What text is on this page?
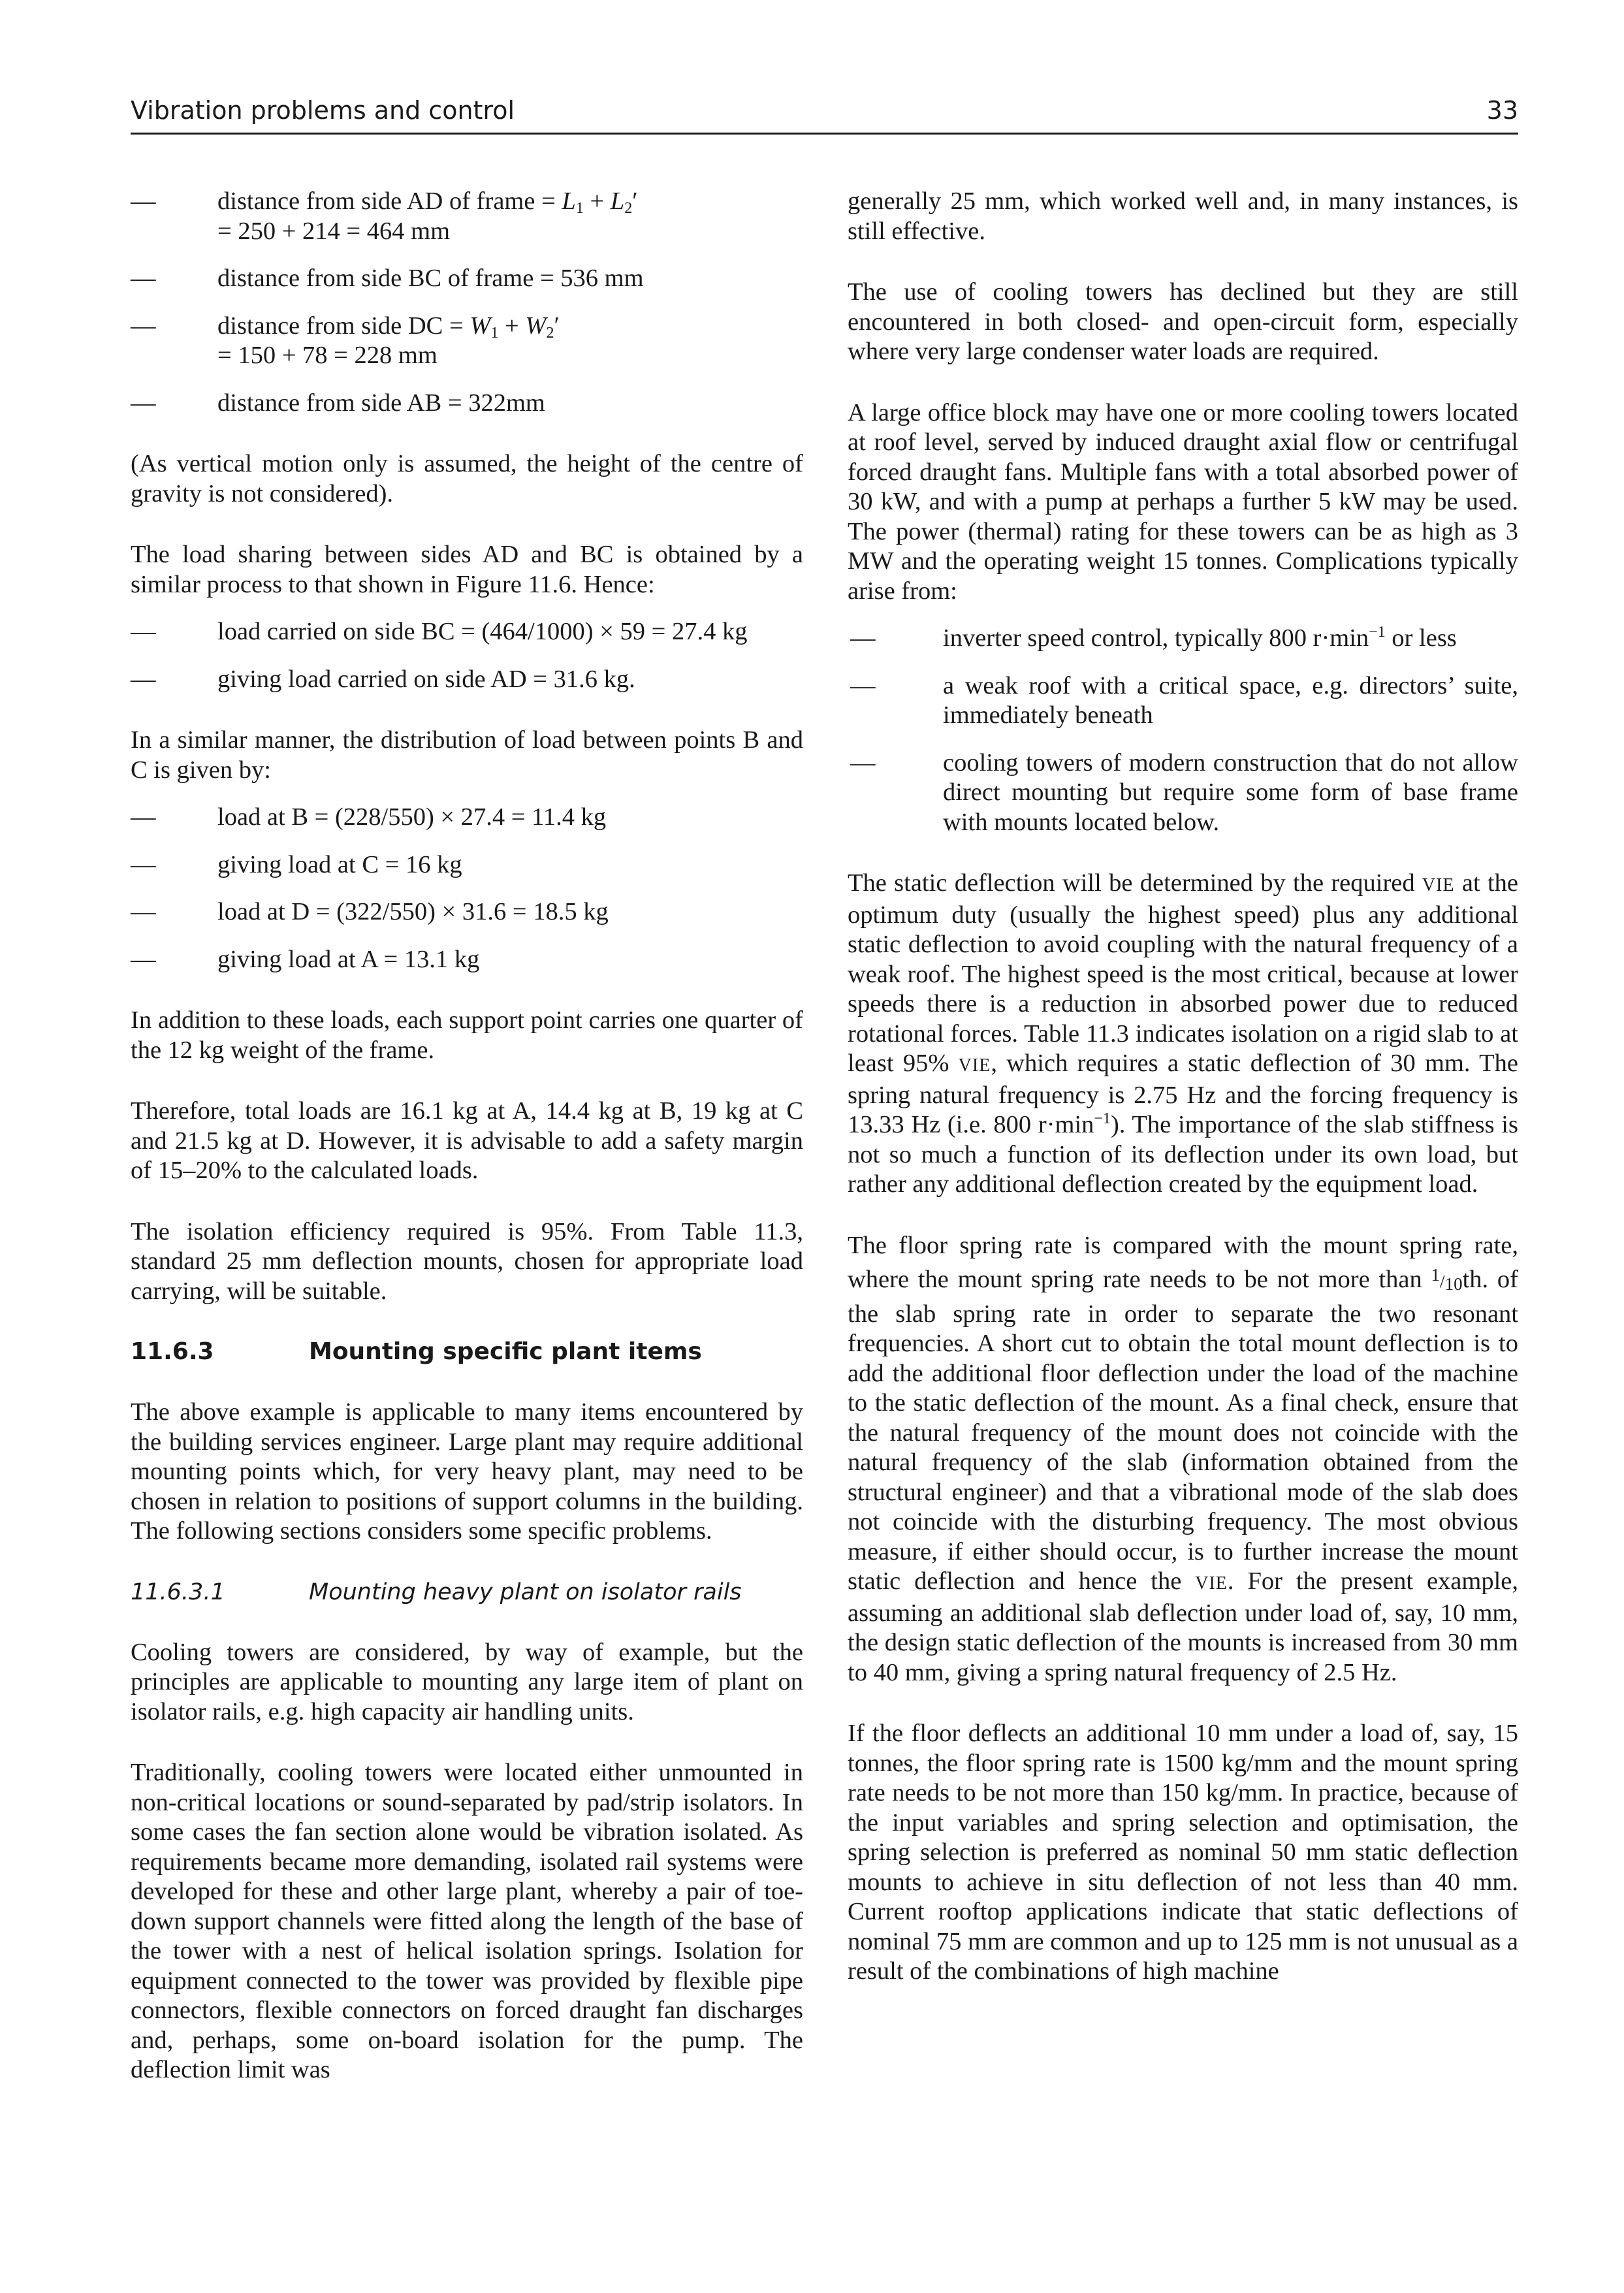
Vibration problems and control	33
— distance from side AD of frame = $L_1 + L_2'$
= 250 + 214 = 464 mm
— distance from side BC of frame = 536 mm
— distance from side DC = $W_1 + W_2'$
= 150 + 78 = 228 mm
— distance from side AB = 322mm

(As vertical motion only is assumed, the height of the centre of gravity is not considered).

The load sharing between sides AD and BC is obtained by a similar process to that shown in Figure 11.6. Hence:

— load carried on side BC = (464/1000) × 59 = 27.4 kg
— giving load carried on side AD = 31.6 kg.

In a similar manner, the distribution of load between points B and C is given by:

— load at B = (228/550) × 27.4 = 11.4 kg
— giving load at C = 16 kg
— load at D = (322/550) × 31.6 = 18.5 kg
— giving load at A = 13.1 kg

In addition to these loads, each support point carries one quarter of the 12 kg weight of the frame.

Therefore, total loads are 16.1 kg at A, 14.4 kg at B, 19 kg at C and 21.5 kg at D. However, it is advisable to add a safety margin of 15–20% to the calculated loads.

The isolation efficiency required is 95%. From Table 11.3, standard 25 mm deflection mounts, chosen for appropriate load carrying, will be suitable.

11.6.3	Mounting specific plant items

The above example is applicable to many items encountered by the building services engineer. Large plant may require additional mounting points which, for very heavy plant, may need to be chosen in relation to positions of support columns in the building. The following sections considers some specific problems.

11.6.3.1	Mounting heavy plant on isolator rails

Cooling towers are considered, by way of example, but the principles are applicable to mounting any large item of plant on isolator rails, e.g. high capacity air handling units.

Traditionally, cooling towers were located either unmounted in non-critical locations or sound-separated by pad/strip isolators. In some cases the fan section alone would be vibration isolated. As requirements became more demanding, isolated rail systems were developed for these and other large plant, whereby a pair of toe-down support channels were fitted along the length of the base of the tower with a nest of helical isolation springs. Isolation for equipment connected to the tower was provided by flexible pipe connectors, flexible connectors on forced draught fan discharges and, perhaps, some on-board isolation for the pump. The deflection limit was

generally 25 mm, which worked well and, in many instances, is still effective.

The use of cooling towers has declined but they are still encountered in both closed- and open-circuit form, especially where very large condenser water loads are required.

A large office block may have one or more cooling towers located at roof level, served by induced draught axial flow or centrifugal forced draught fans. Multiple fans with a total absorbed power of 30 kW, and with a pump at perhaps a further 5 kW may be used. The power (thermal) rating for these towers can be as high as 3 MW and the operating weight 15 tonnes. Complications typically arise from:

—	inverter speed control, typically 800 $r\cdot\min^{-1}$ or less
—	a weak roof with a critical space, e.g. directors’ suite, immediately beneath
—	cooling towers of modern construction that do not allow direct mounting but require some form of base frame with mounts located below.

The static deflection will be determined by the required VIE at the optimum duty (usually the highest speed) plus any additional static deflection to avoid coupling with the natural frequency of a weak roof. The highest speed is the most critical, because at lower speeds there is a reduction in absorbed power due to reduced rotational forces. Table 11.3 indicates isolation on a rigid slab to at least 95% VIE, which requires a static deflection of 30 mm. The spring natural frequency is 2.75 Hz and the forcing frequency is 13.33 Hz (i.e. 800 $r\cdot\min^{-1}$). The importance of the slab stiffness is not so much a function of its deflection under its own load, but rather any additional deflection created by the equipment load.

The floor spring rate is compared with the mount spring rate, where the mount spring rate needs to be not more than $^1$/10th. of the slab spring rate in order to separate the two resonant frequencies. A short cut to obtain the total mount deflection is to add the additional floor deflection under the load of the machine to the static deflection of the mount. As a final check, ensure that the natural frequency of the mount does not coincide with the natural frequency of the slab (information obtained from the structural engineer) and that a vibrational mode of the slab does not coincide with the disturbing frequency. The most obvious measure, if either should occur, is to further increase the mount static deflection and hence the VIE. For the present example, assuming an additional slab deflection under load of, say, 10 mm, the design static deflection of the mounts is increased from 30 mm to 40 mm, giving a spring natural frequency of 2.5 Hz.

If the floor deflects an additional 10 mm under a load of, say, 15 tonnes, the floor spring rate is 1500 kg/mm and the mount spring rate needs to be not more than 150 kg/mm. In practice, because of the input variables and spring selection and optimisation, the spring selection is preferred as nominal 50 mm static deflection mounts to achieve in situ deflection of not less than 40 mm. Current rooftop applications indicate that static deflections of nominal 75 mm are common and up to 125 mm is not unusual as a result of the combinations of high machine
